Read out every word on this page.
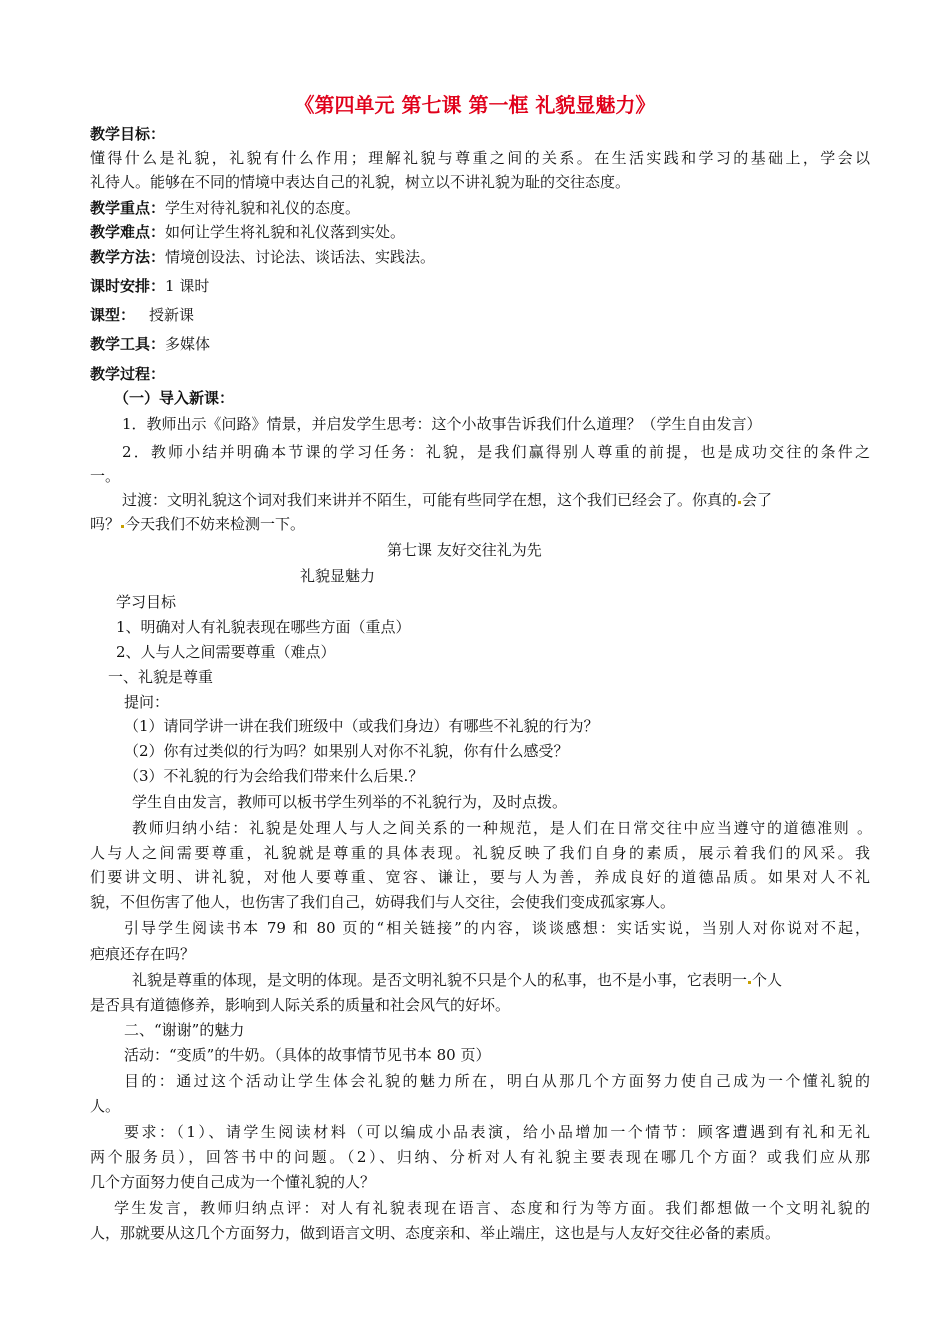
《第四单元 第七课 第一框 礼貌显魅力》
教学目标：
懂得什么是礼貌，礼貌有什么作用；理解礼貌与尊重之间的关系。在生活实践和学习的基础上，学会以
礼待人。能够在不同的情境中表达自己的礼貌，树立以不讲礼貌为耻的交往态度。
教学重点：学生对待礼貌和礼仪的态度。
教学难点：如何让学生将礼貌和礼仪落到实处。
教学方法：情境创设法、讨论法、谈话法、实践法。
课时安排：1 课时
课型： 授新课
教学工具：多媒体
教学过程：
（一）导入新课：
1．教师出示《问路》情景，并启发学生思考：这个小故事告诉我们什么道理？（学生自由发言）
2．教师小结并明确本节课的学习任务：礼貌，是我们赢得别人尊重的前提，也是成功交往的条件之
一。
过渡：文明礼貌这个词对我们来讲并不陌生，可能有些同学在想，这个我们已经会了。你真的 会了
吗？ 今天我们不妨来检测一下。
第七课 友好交往礼为先
礼貌显魅力
学习目标
1、明确对人有礼貌表现在哪些方面（重点）
2、人与人之间需要尊重（难点）
一、礼貌是尊重
提问：
（1）请同学讲一讲在我们班级中（或我们身边）有哪些不礼貌的行为？
（2）你有过类似的行为吗？如果别人对你不礼貌，你有什么感受？
（3）不礼貌的行为会给我们带来什么后果.？
学生自由发言，教师可以板书学生列举的不礼貌行为，及时点拨。
教师归纳小结：礼貌是处理人与人之间关系的一种规范，是人们在日常交往中应当遵守的道德准则 。
人与人之间需要尊重，礼貌就是尊重的具体表现。礼貌反映了我们自身的素质，展示着我们的风采。我
们要讲文明、讲礼貌，对他人要尊重、宽容、谦让，要与人为善，养成良好的道德品质。如果对人不礼
貌，不但伤害了他人，也伤害了我们自己，妨碍我们与人交往，会使我们变成孤家寡人。
引导学生阅读书本 79 和 80 页的“相关链接”的内容，谈谈感想：实话实说，当别人对你说对不起，
疤痕还存在吗？
礼貌是尊重的体现，是文明的体现。是否文明礼貌不只是个人的私事，也不是小事，它表明一 个人
是否具有道德修养，影响到人际关系的质量和社会风气的好坏。
二、“谢谢”的魅力
活动：“变质”的牛奶。（具体的故事情节见书本 80 页）
目的：通过这个活动让学生体会礼貌的魅力所在，明白从那几个方面努力使自己成为一个懂礼貌的
人。
要求：（1）、请学生阅读材料（可以编成小品表演，给小品增加一个情节：顾客遭遇到有礼和无礼
两个服务员），回答书中的问题。（2）、归纳、分析对人有礼貌主要表现在哪几个方面？或我们应从那
几个方面努力使自己成为一个懂礼貌的人？
学生发言，教师归纳点评：对人有礼貌表现在语言、态度和行为等方面。我们都想做一个文明礼貌的
人，那就要从这几个方面努力，做到语言文明、态度亲和、举止端庄，这也是与人友好交往必备的素质。
